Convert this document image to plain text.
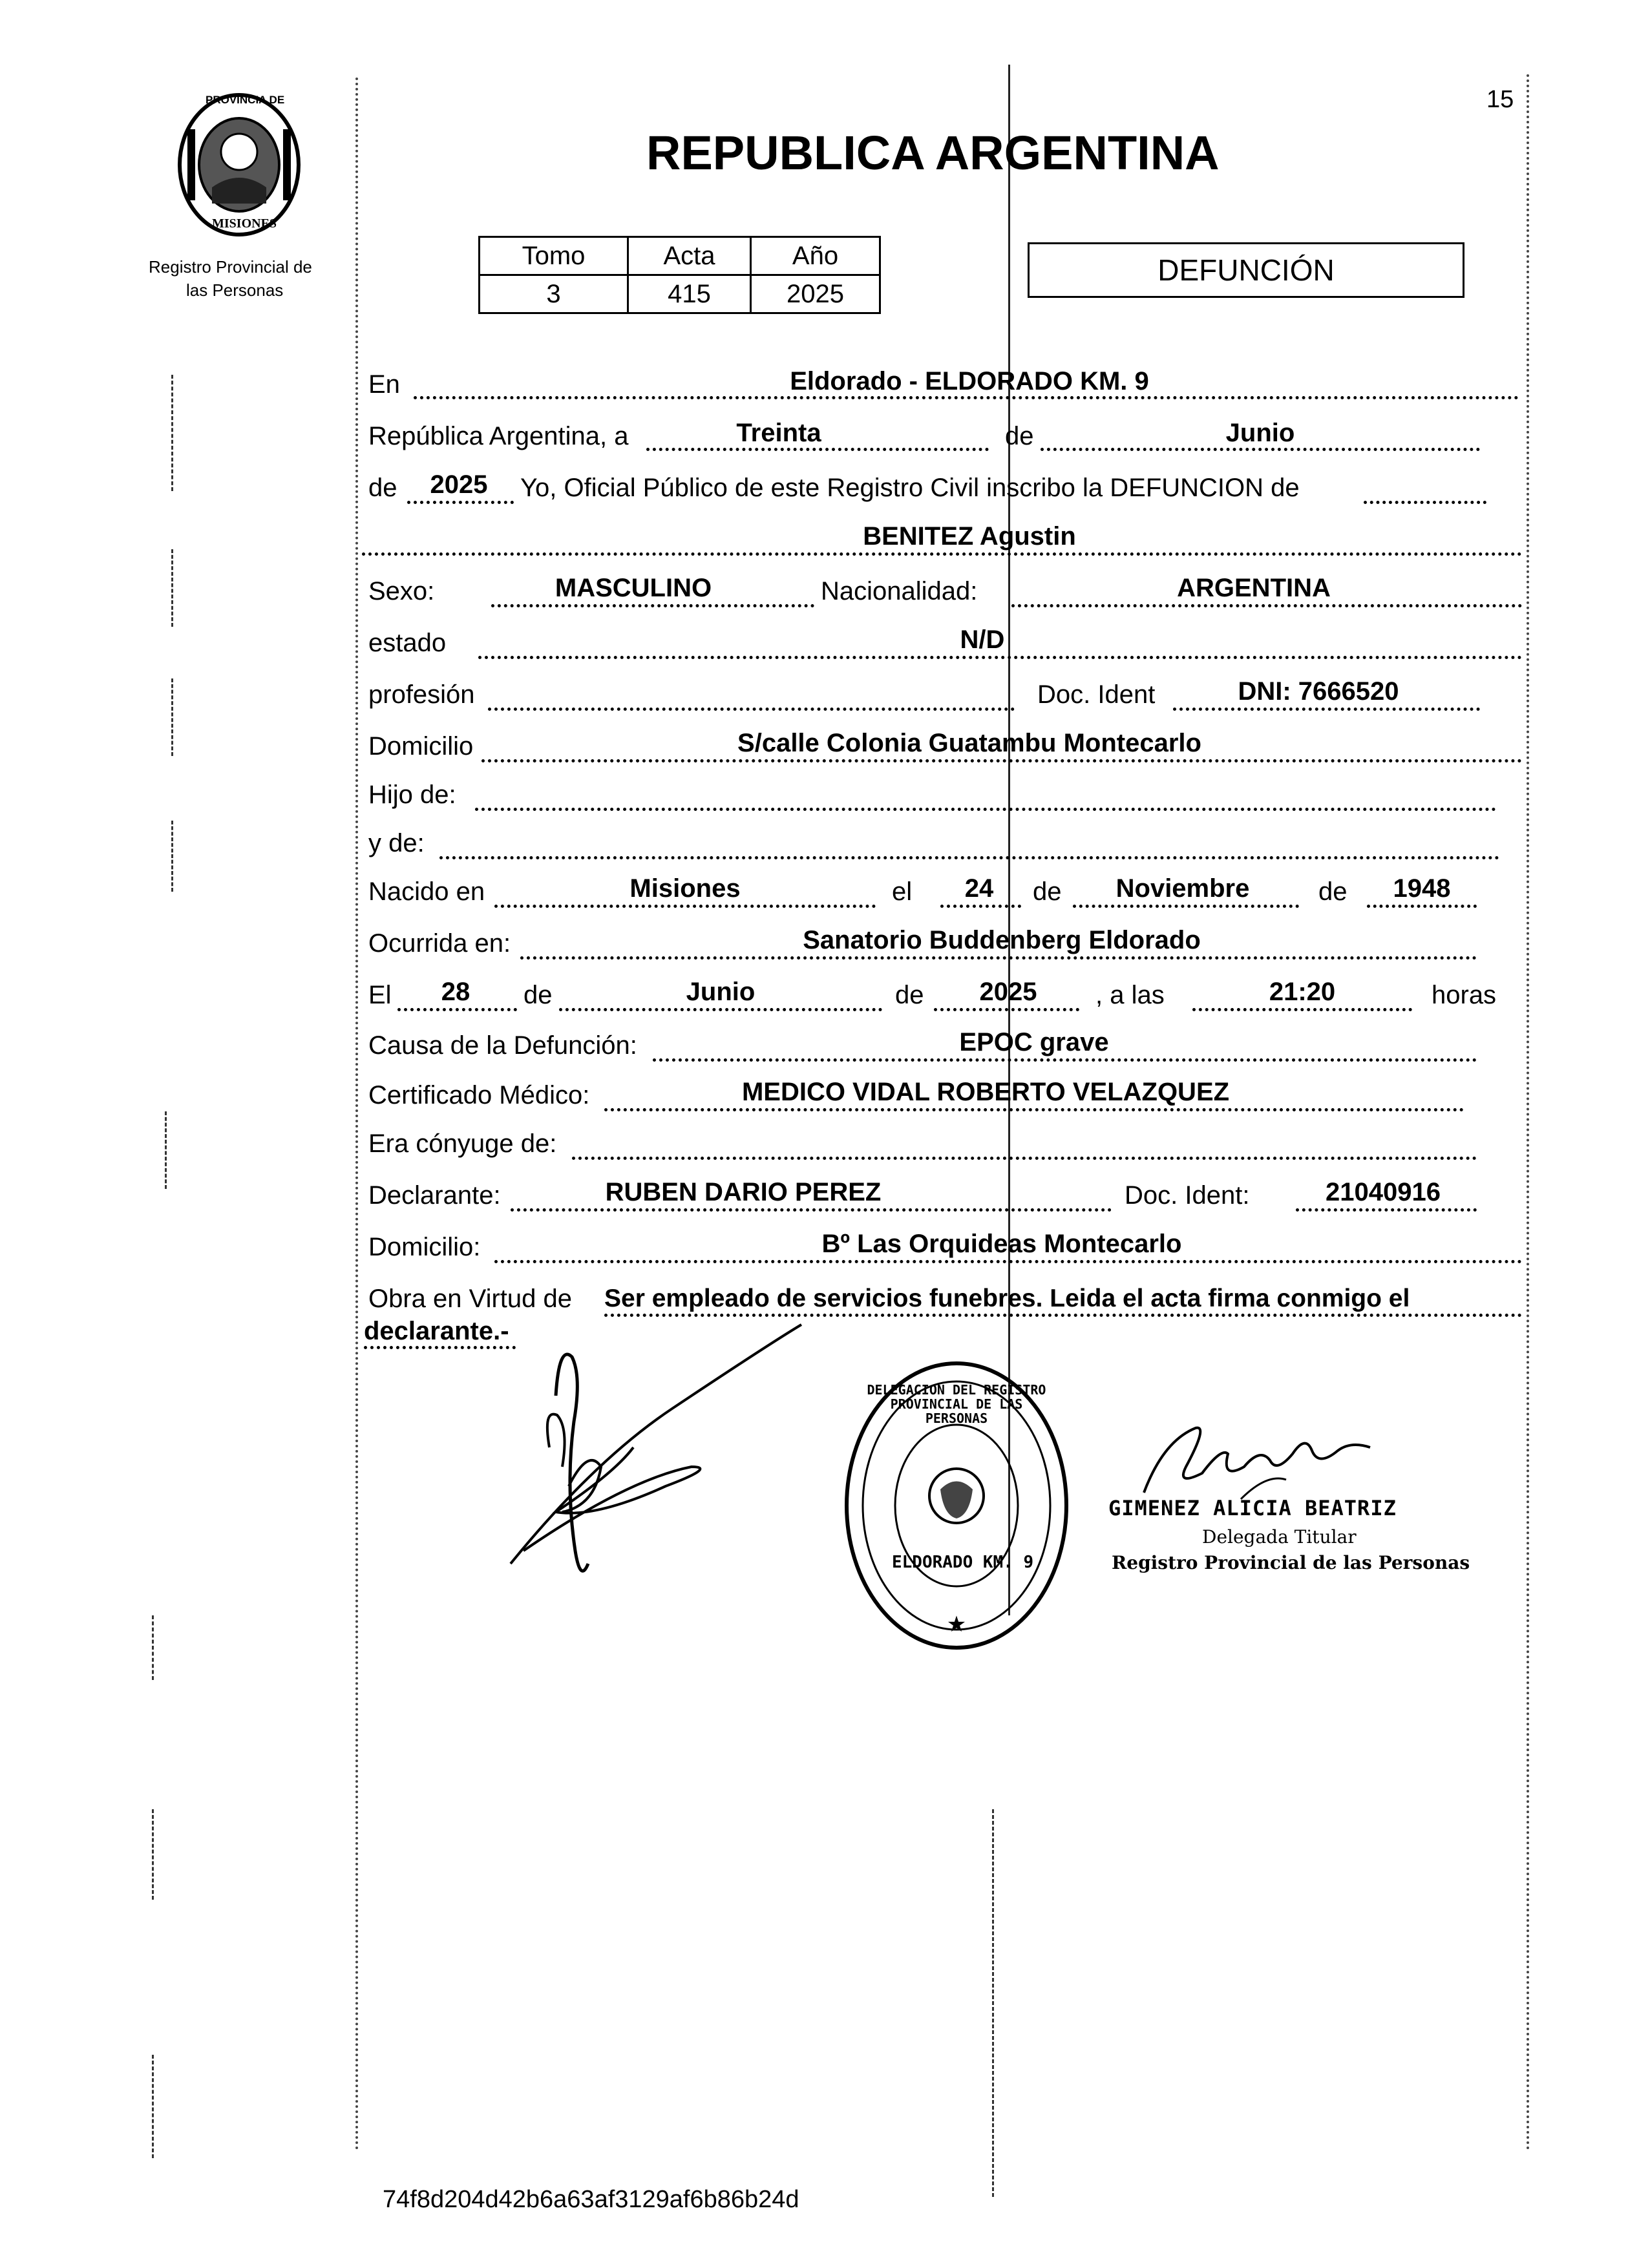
15
PROVINCIA DE
MISIONES
Registro Provincial de
las Personas
REPUBLICA ARGENTINA
Tomo	Acta	Año
3	415	2025
DEFUNCIÓN
En	Eldorado - ELDORADO KM. 9
República Argentina, a	Treinta	de	Junio
de	2025	Yo, Oficial Público de este Registro Civil inscribo la DEFUNCION de
BENITEZ Agustin
Sexo:	MASCULINO	Nacionalidad:	ARGENTINA
estado	N/D
profesión	Doc. Ident	DNI: 7666520
Domicilio	S/calle Colonia Guatambu Montecarlo
Hijo de:
y de:
Nacido en	Misiones	el	24	de	Noviembre	de	1948
Ocurrida en:	Sanatorio Buddenberg Eldorado
El	28	de	Junio	de	2025	, a las	21:20	horas
Causa de la Defunción:	EPOC grave
Certificado Médico:	MEDICO VIDAL ROBERTO VELAZQUEZ
Era cónyuge de:
Declarante:	RUBEN DARIO PEREZ	Doc. Ident:	21040916
Domicilio:	Bº Las Orquideas Montecarlo
Obra en Virtud de Ser empleado de servicios funebres. Leida el acta firma conmigo el
declarante.-
★
DELEGACION DEL REGISTRO PROVINCIAL DE LAS PERSONAS
ELDORADO KM. 9
GIMENEZ ALICIA BEATRIZ
Delegada Titular
Registro Provincial de las Personas
74f8d204d42b6a63af3129af6b86b24d
